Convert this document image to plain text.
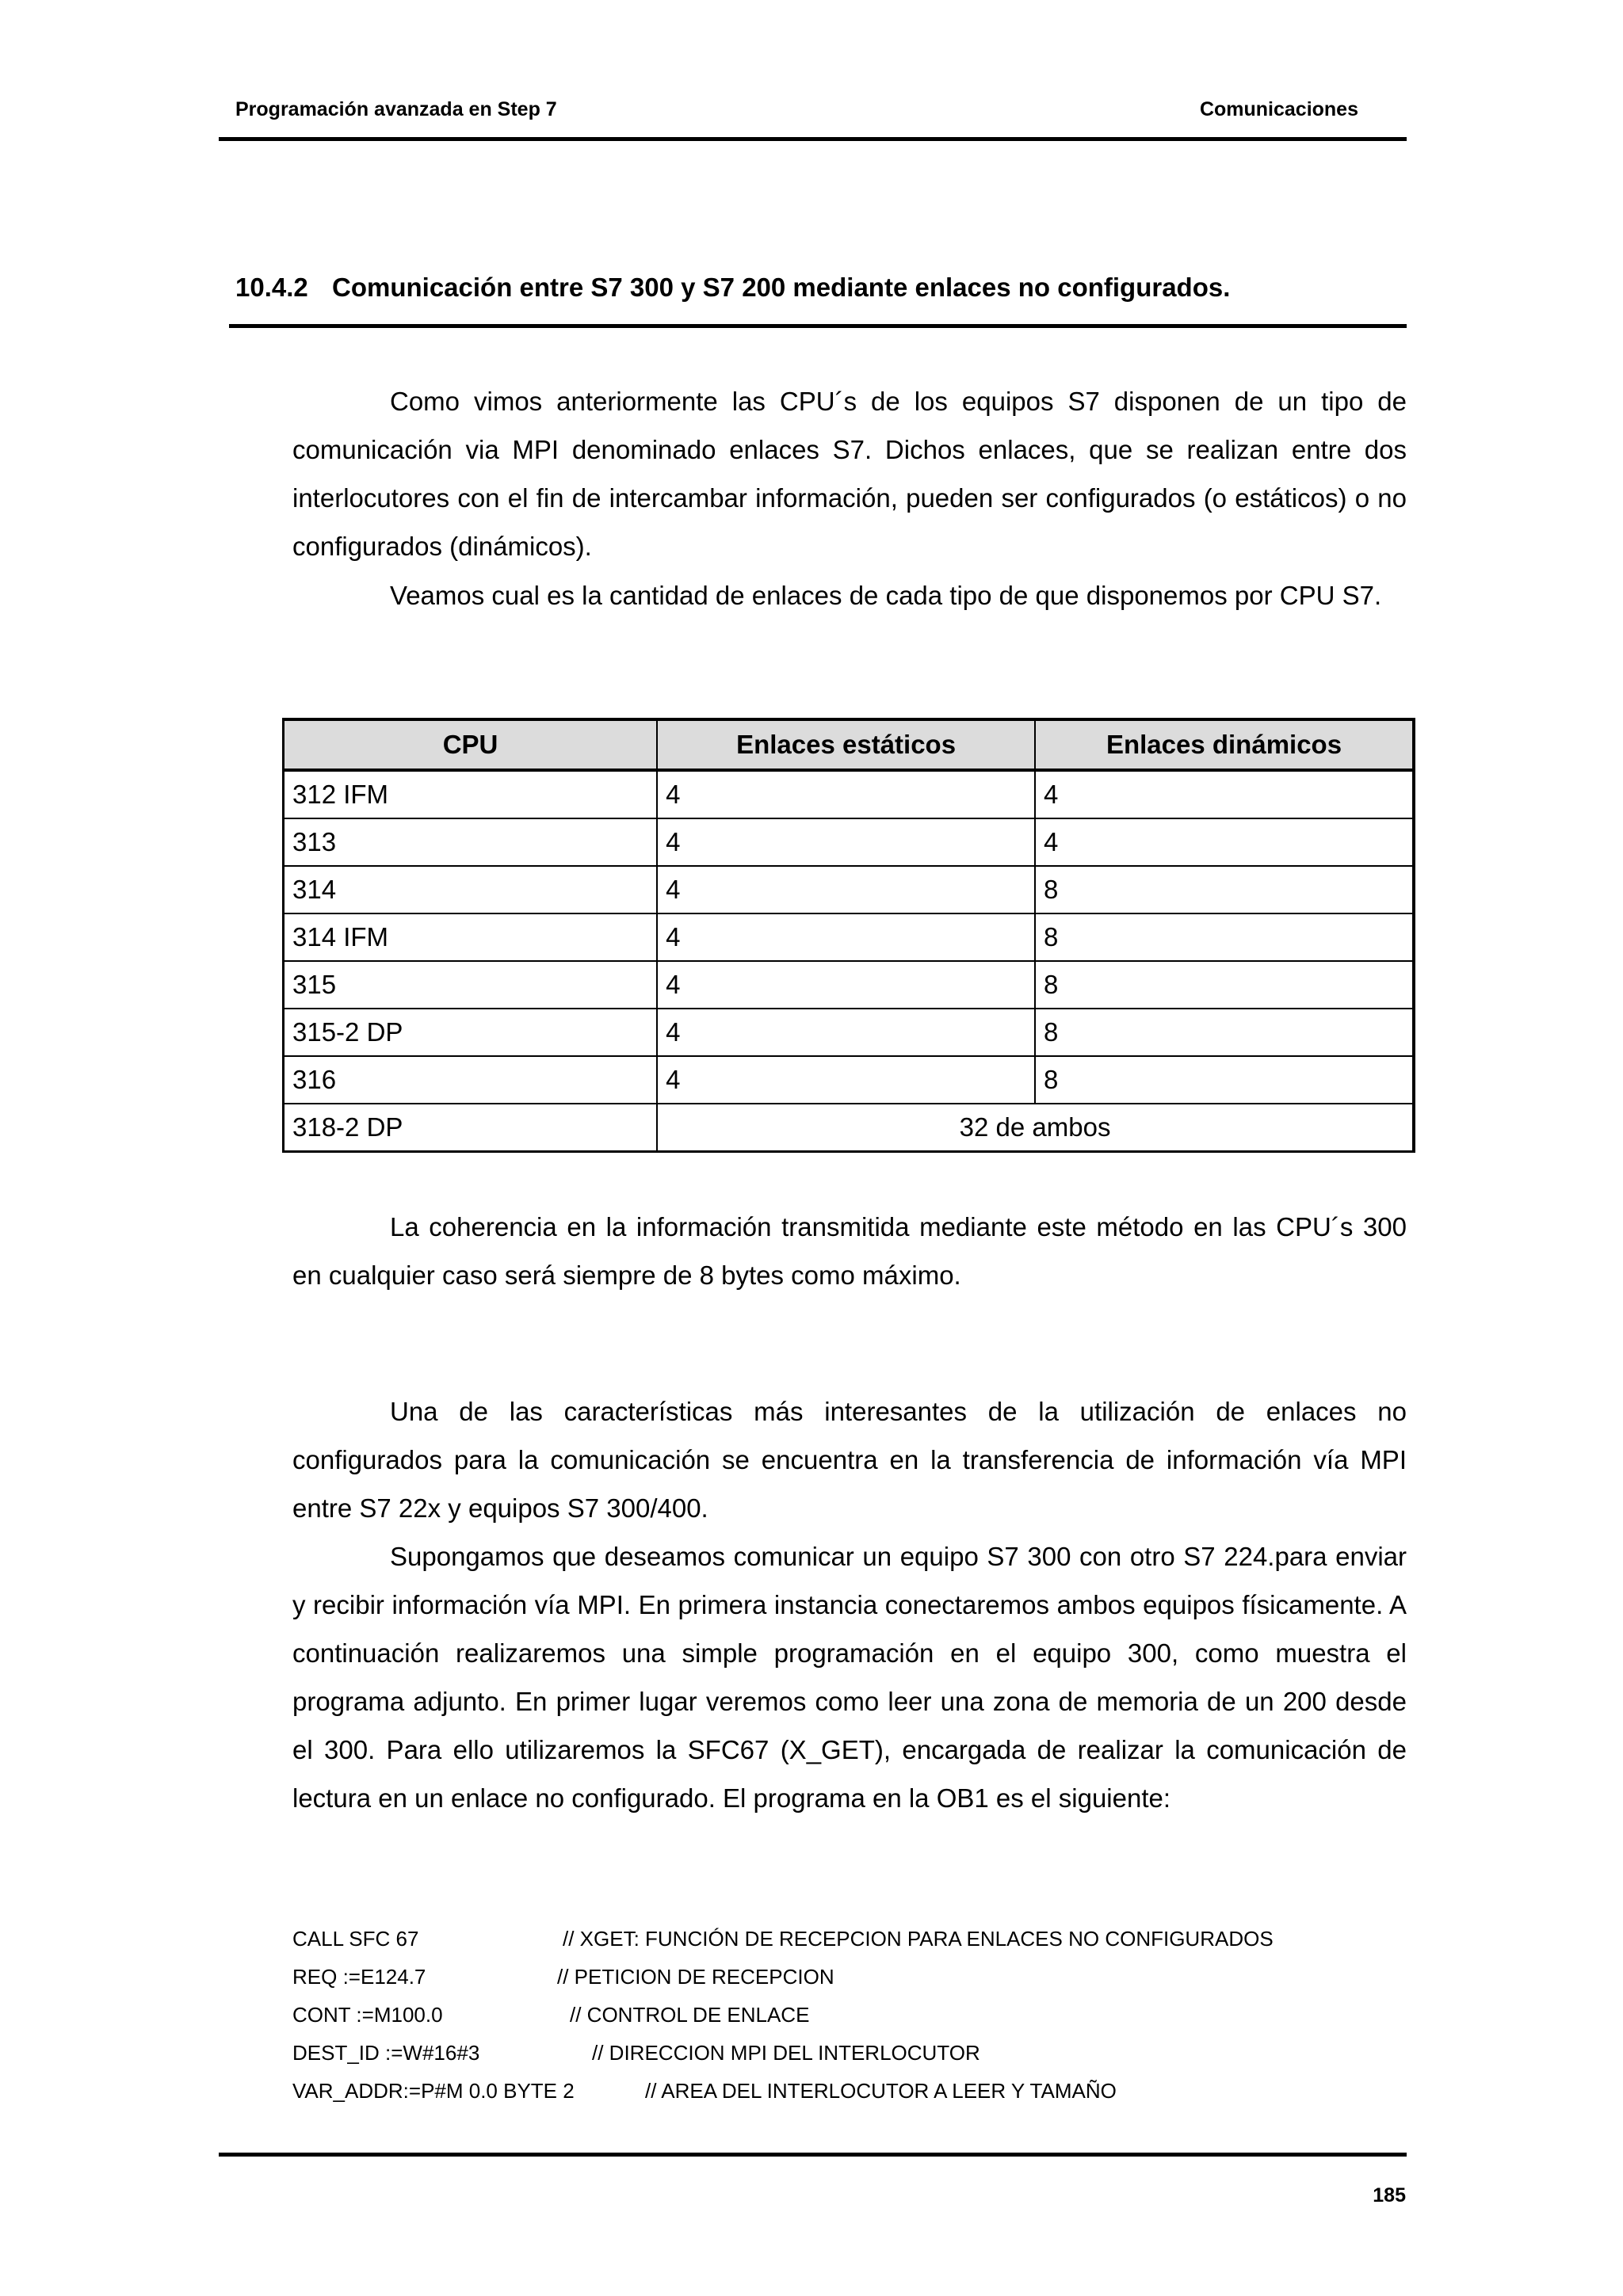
Programación avanzada en Step 7	Comunicaciones
10.4.2 Comunicación entre S7 300 y S7 200 mediante enlaces no configurados.

Como vimos anteriormente las CPU´s de los equipos S7 disponen de un tipo de comunicación via MPI denominado enlaces S7. Dichos enlaces, que se realizan entre dos interlocutores con el fin de intercambar información, pueden ser configurados (o estáticos) o no configurados (dinámicos).

Veamos cual es la cantidad de enlaces de cada tipo de que disponemos por CPU S7.

CPU	Enlaces estáticos	Enlaces dinámicos
312 IFM	4	4
313	4	4
314	4	8
314 IFM	4	8
315	4	8
315-2 DP	4	8
316	4	8
318-2 DP	32 de ambos	

La coherencia en la información transmitida mediante este método en las CPU´s 300 en cualquier caso será siempre de 8 bytes como máximo.

Una de las características más interesantes de la utilización de enlaces no configurados para la comunicación se encuentra en la transferencia de información vía MPI entre S7 22x y equipos S7 300/400.

Supongamos que deseamos comunicar un equipo S7 300 con otro S7 224.para enviar y recibir información vía MPI. En primera instancia conectaremos ambos equipos físicamente. A continuación realizaremos una simple programación en el equipo 300, como muestra el programa adjunto. En primer lugar veremos como leer una zona de memoria de un 200 desde el 300. Para ello utilizaremos la SFC67 (X_GET), encargada de realizar la comunicación de lectura en un enlace no configurado. El programa en la OB1 es el siguiente:

CALL SFC 67	// XGET: FUNCIÓN DE RECEPCION PARA ENLACES NO CONFIGURADOS
REQ :=E124.7	// PETICION DE RECEPCION
CONT :=M100.0	// CONTROL DE ENLACE
DEST_ID :=W#16#3	// DIRECCION MPI DEL INTERLOCUTOR
VAR_ADDR:=P#M 0.0 BYTE 2	// AREA DEL INTERLOCUTOR A LEER Y TAMAÑO
185
